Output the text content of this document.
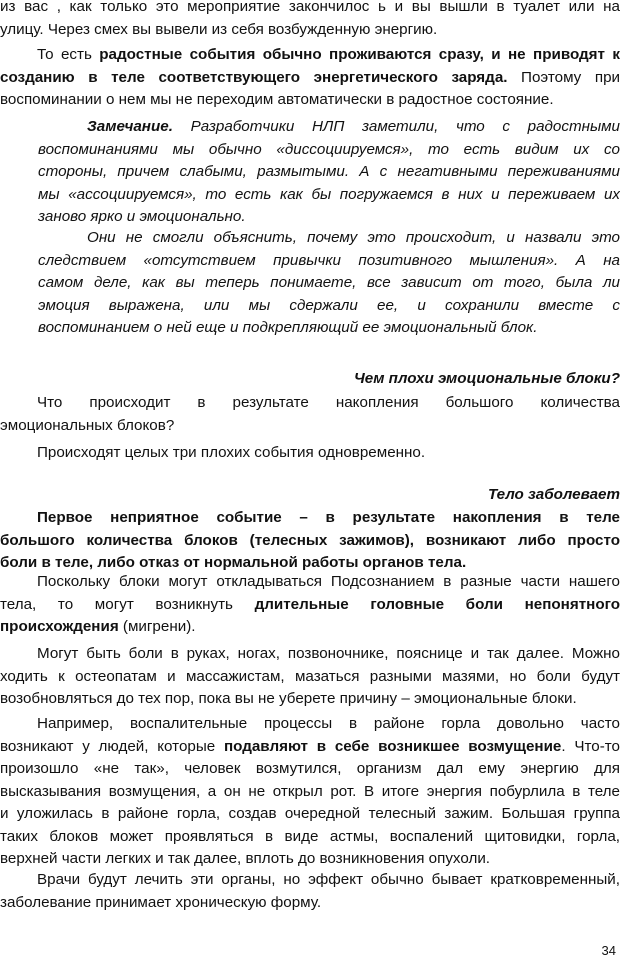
из вас , как только это мероприятие закончилос ь и вы вышли в туалет или на
улицу. Через смех вы вывели из себя возбужденную энергию.
То есть радостные события обычно проживаются сразу, и не приводят к
созданию в теле соответствующего энергетического заряда. Поэтому при
воспоминании о нем мы не переходим автоматически в радостное состояние.
Замечание. Разработчики НЛП заметили, что с радостными
воспоминаниями мы обычно «диссоциируемся», то есть видим их со
стороны, причем слабыми, размытыми. А с негативными переживаниями
мы «ассоциируемся», то есть как бы погружаемся в них и переживаем их
заново ярко и эмоционально.
Они не смогли объяснить, почему это происходит, и назвали это
следствием «отсутствием привычки позитивного мышления». А на
самом деле, как вы теперь понимаете, все зависит от того, была ли
эмоция выражена, или мы сдержали ее, и сохранили вместе с
воспоминанием о ней еще и подкрепляющий ее эмоциональный блок.
Чем плохи эмоциональные блоки?
Что происходит в результате накопления большого количества
эмоциональных блоков?
Происходят целых три плохих события одновременно.
Тело заболевает
Первое неприятное событие – в результате накопления в теле
большого количества блоков (телесных зажимов), возникают либо просто
боли в теле, либо отказ от нормальной работы органов тела.
Поскольку блоки могут откладываться Подсознанием в разные части нашего
тела, то могут возникнуть длительные головные боли непонятного
происхождения (мигрени).
Могут быть боли в руках, ногах, позвоночнике, пояснице и так далее. Можно
ходить к остеопатам и массажистам, мазаться разными мазями, но боли будут
возобновляться до тех пор, пока вы не уберете причину – эмоциональные блоки.
Например, воспалительные процессы в районе горла довольно часто
возникают у людей, которые подавляют в себе возникшее возмущение. Что-то
произошло «не так», человек возмутился, организм дал ему энергию для
высказывания возмущения, а он не открыл рот. В итоге энергия побурлила в теле
и уложилась в районе горла, создав очередной телесный зажим. Большая группа
таких блоков может проявляться в виде астмы, воспалений щитовидки, горла,
верхней части легких и так далее, вплоть до возникновения опухоли.
Врачи будут лечить эти органы, но эффект обычно бывает кратковременный,
заболевание принимает хроническую форму.
34
